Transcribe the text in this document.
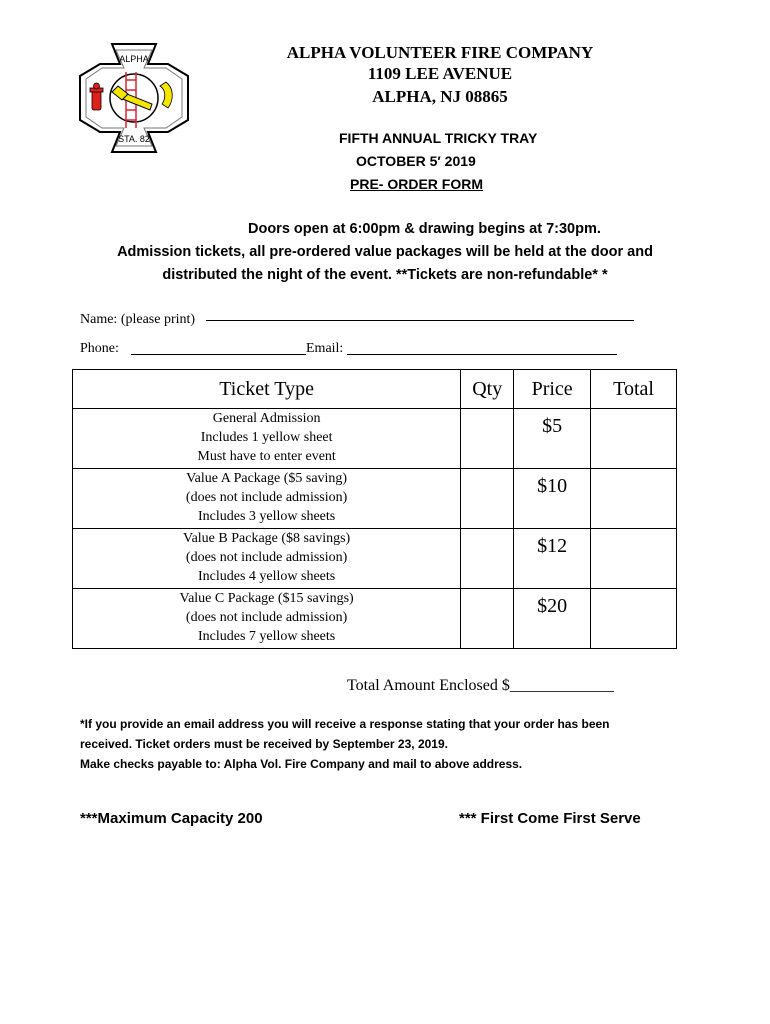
ALPHA
STA. 82
ALPHA VOLUNTEER FIRE COMPANY
1109 LEE AVENUE
ALPHA, NJ 08865
FIFTH ANNUAL TRICKY TRAY
OCTOBER 5′ 2019
PRE- ORDER FORM
Doors open at 6:00pm & drawing begins at 7:30pm.
Admission tickets, all pre-ordered value packages will be held at the door and
distributed the night of the event. **Tickets are non-refundable* *
Name: (please print)
Phone:	Email:
Ticket Type	Qty	Price	Total

General Admission
Includes 1 yellow sheet
Must have to enter event		$5	

Value A Package ($5 saving)
(does not include admission)
Includes 3 yellow sheets		$10	

Value B Package ($8 savings)
(does not include admission)
Includes 4 yellow sheets		$12	

Value C Package ($15 savings)
(does not include admission)
Includes 7 yellow sheets		$20	
Total Amount Enclosed $_____________
*If you provide an email address you will receive a response stating that your order has been
received. Ticket orders must be received by September 23, 2019.
Make checks payable to: Alpha Vol. Fire Company and mail to above address.
***Maximum Capacity 200	*** First Come First Serve
